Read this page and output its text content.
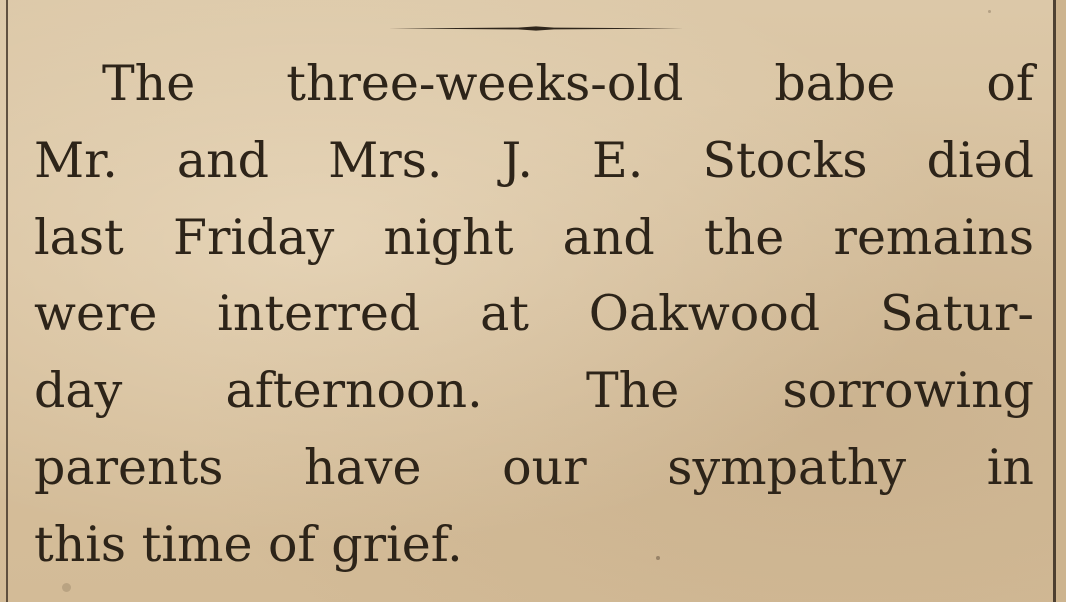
The three-weeks-old babe of
Mr. and Mrs. J. E. Stocks diəd
last Friday night and the remains
were interred at Oakwood Satur-
day afternoon. The sorrowing
parents have our sympathy in
this time of grief.
